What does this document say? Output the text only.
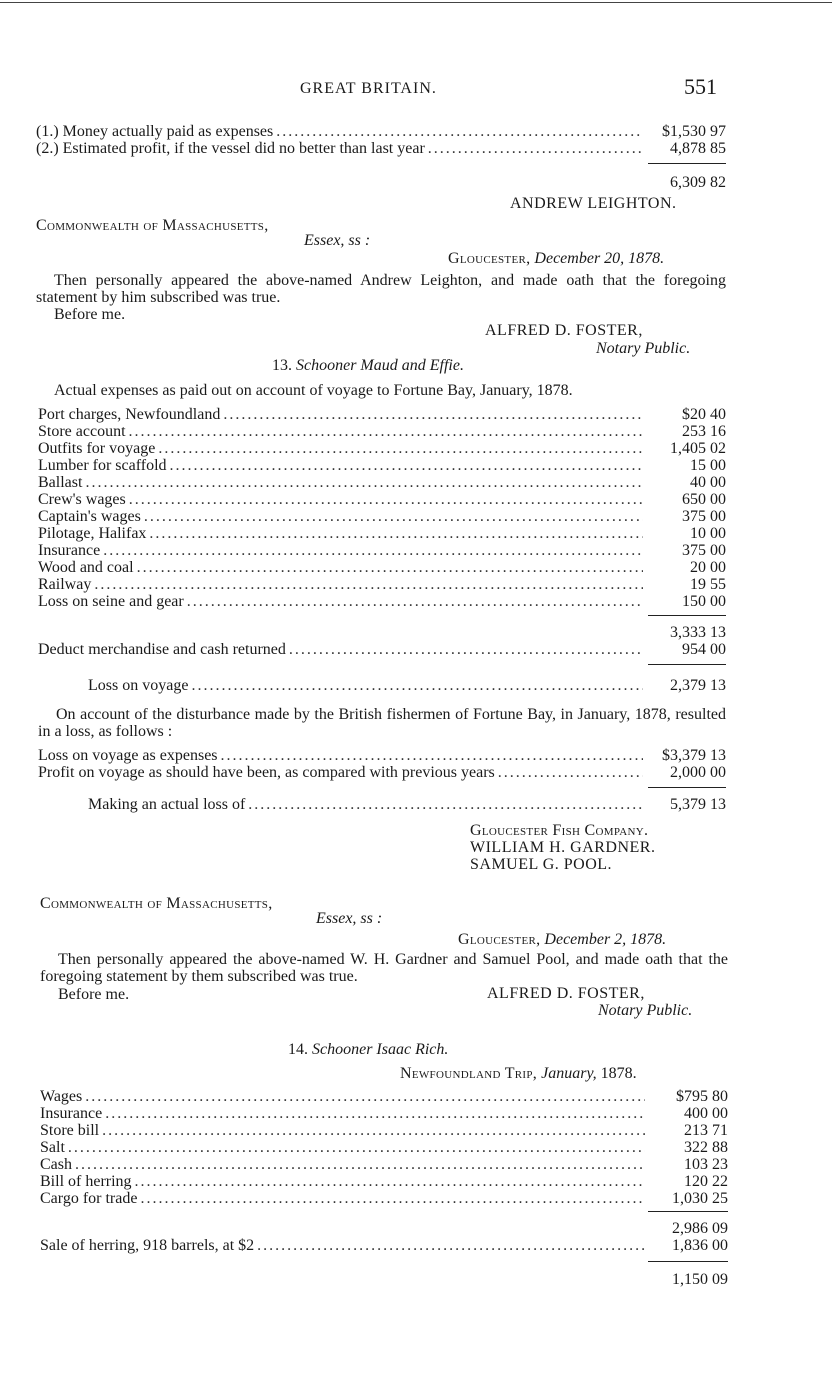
GREAT BRITAIN.	551
(1.) Money actually paid as expenses .....	$1,530 97
(2.) Estimated profit, if the vessel did no better than last year .....	4,878 85
6,309 82
ANDREW LEIGHTON.
Commonwealth of Massachusetts,
Essex, ss :
Gloucester, December 20, 1878.
Then personally appeared the above-named Andrew Leighton, and made oath that the foregoing statement by him subscribed was true.
Before me.
ALFRED D. FOSTER,
Notary Public.
13. Schooner Maud and Effie.
Actual expenses as paid out on account of voyage to Fortune Bay, January, 1878.
Port charges, Newfoundland .....	$20 40
Store account .....	253 16
Outfits for voyage .....	1,405 02
Lumber for scaffold .....	15 00
Ballast .....	40 00
Crew's wages .....	650 00
Captain's wages .....	375 00
Pilotage, Halifax .....	10 00
Insurance .....	375 00
Wood and coal .....	20 00
Railway .....	19 55
Loss on seine and gear .....	150 00
3,333 13
Deduct merchandise and cash returned .....	954 00
Loss on voyage .....	2,379 13
On account of the disturbance made by the British fishermen of Fortune Bay, in January, 1878, resulted in a loss, as follows :
Loss on voyage as expenses .....	$3,379 13
Profit on voyage as should have been, as compared with previous years .....	2,000 00
Making an actual loss of .....	5,379 13
Gloucester Fish Company.
WILLIAM H. GARDNER.
SAMUEL G. POOL.
Commonwealth of Massachusetts,
Essex, ss :
Gloucester, December 2, 1878.
Then personally appeared the above-named W. H. Gardner and Samuel Pool, and made oath that the foregoing statement by them subscribed was true.
Before me.	ALFRED D. FOSTER,
Notary Public.
14. Schooner Isaac Rich.
Newfoundland Trip, January, 1878.
Wages .....	$795 80
Insurance .....	400 00
Store bill .....	213 71
Salt .....	322 88
Cash .....	103 23
Bill of herring .....	120 22
Cargo for trade .....	1,030 25
2,986 09
Sale of herring, 918 barrels, at $2 .....	1,836 00
1,150 09
